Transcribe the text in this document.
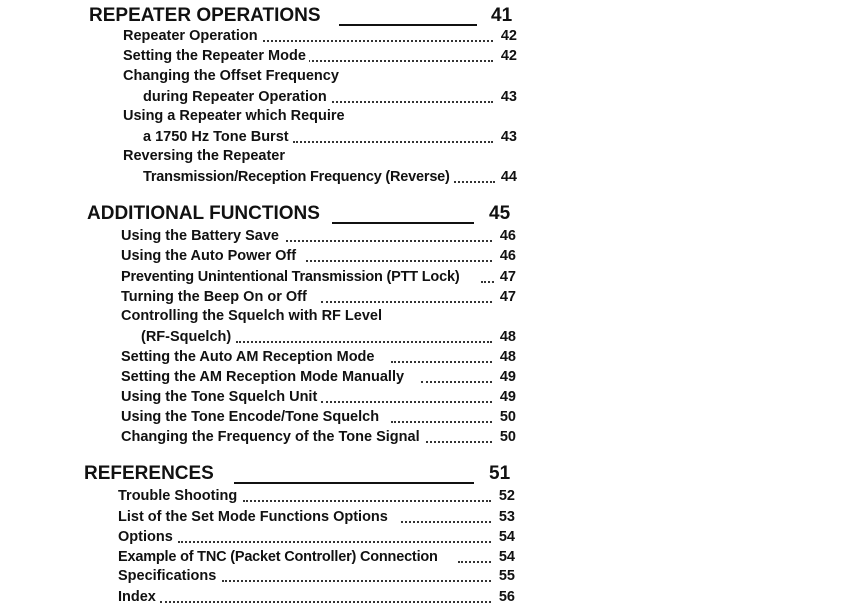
REPEATER OPERATIONS	41
Repeater Operation	42
Setting the Repeater Mode	42
Changing the Offset Frequency
during Repeater Operation	43
Using a Repeater which Require
a 1750 Hz Tone Burst	43
Reversing the Repeater
Transmission/Reception Frequency (Reverse)	44
ADDITIONAL FUNCTIONS	45
Using the Battery Save	46
Using the Auto Power Off	46
Preventing Unintentional Transmission (PTT Lock)	47
Turning the Beep On or Off	47
Controlling the Squelch with RF Level
(RF-Squelch)	48
Setting the Auto AM Reception Mode	48
Setting the AM Reception Mode Manually	49
Using the Tone Squelch Unit	49
Using the Tone Encode/Tone Squelch	50
Changing the Frequency of the Tone Signal	50
REFERENCES	51
Trouble Shooting	52
List of the Set Mode Functions Options	53
Options	54
Example of TNC (Packet Controller) Connection	54
Specifications	55
Index	56
